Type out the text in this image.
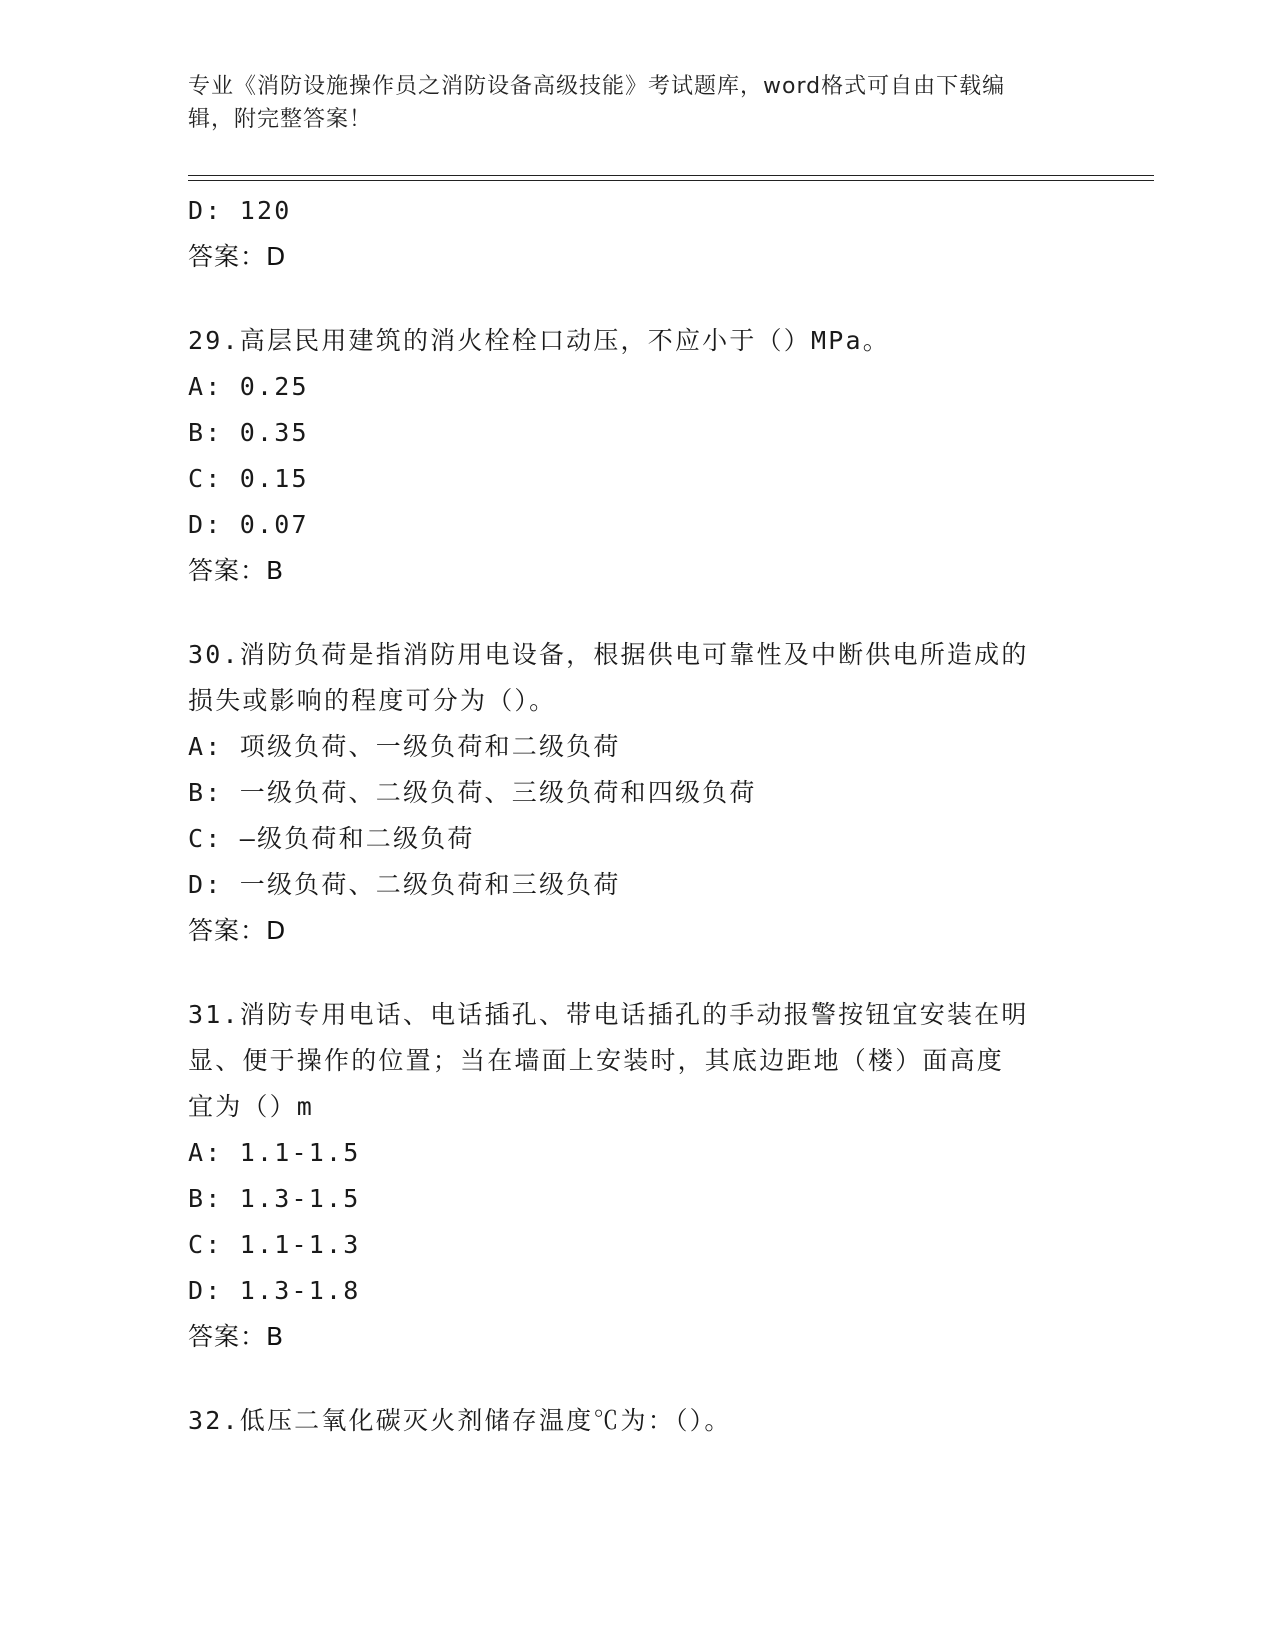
专业《消防设施操作员之消防设备高级技能》考试题库，word格式可自由下载编
辑，附完整答案！
D: 120
答案：D
29.高层民用建筑的消火栓栓口动压，不应小于（）MPa。
A: 0.25
B: 0.35
C: 0.15
D: 0.07
答案：B
30.消防负荷是指消防用电设备，根据供电可靠性及中断供电所造成的
损失或影响的程度可分为（）。
A: 项级负荷、一级负荷和二级负荷
B: 一级负荷、二级负荷、三级负荷和四级负荷
C: —级负荷和二级负荷
D: 一级负荷、二级负荷和三级负荷
答案：D
31.消防专用电话、电话插孔、带电话插孔的手动报警按钮宜安装在明
显、便于操作的位置；当在墙面上安装时，其底边距地（楼）面高度
宜为（）m
A: 1.1-1.5
B: 1.3-1.5
C: 1.1-1.3
D: 1.3-1.8
答案：B
32.低压二氧化碳灭火剂储存温度℃为：（）。
